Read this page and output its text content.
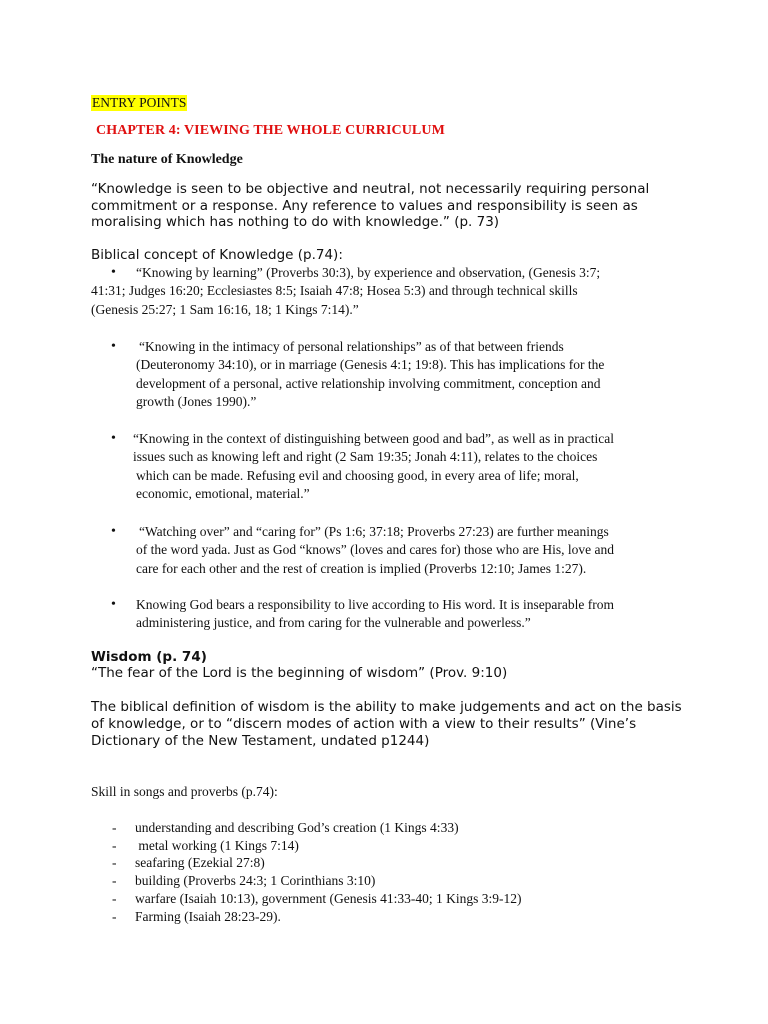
ENTRY POINTS
CHAPTER 4: VIEWING THE WHOLE CURRICULUM
The nature of Knowledge
“Knowledge is seen to be objective and neutral, not necessarily requiring personal commitment or a response. Any reference to values and responsibility is seen as moralising which has nothing to do with knowledge.” (p. 73)
Biblical concept of Knowledge (p.74):
•	“Knowing by learning” (Proverbs 30:3), by experience and observation, (Genesis 3:7;
41:31; Judges 16:20; Ecclesiastes 8:5; Isaiah 47:8; Hosea 5:3) and through technical skills
(Genesis 25:27; 1 Sam 16:16, 18; 1 Kings 7:14).”
•	“Knowing in the intimacy of personal relationships” as of that between friends
(Deuteronomy 34:10), or in marriage (Genesis 4:1; 19:8). This has implications for the
development of a personal, active relationship involving commitment, conception and
growth (Jones 1990).”
•	“Knowing in the context of distinguishing between good and bad”, as well as in practical
issues such as knowing left and right (2 Sam 19:35; Jonah 4:11), relates to the choices
which can be made. Refusing evil and choosing good, in every area of life; moral,
economic, emotional, material.”
•	“Watching over” and “caring for” (Ps 1:6; 37:18; Proverbs 27:23) are further meanings
of the word yada. Just as God “knows” (loves and cares for) those who are His, love and
care for each other and the rest of creation is implied (Proverbs 12:10; James 1:27).
•	Knowing God bears a responsibility to live according to His word. It is inseparable from
administering justice, and from caring for the vulnerable and powerless.”
Wisdom (p. 74)
“The fear of the Lord is the beginning of wisdom” (Prov. 9:10)
The biblical definition of wisdom is the ability to make judgements and act on the basis of knowledge, or to “discern modes of action with a view to their results” (Vine’s Dictionary of the New Testament, undated p1244)
Skill in songs and proverbs (p.74):
- understanding and describing God’s creation (1 Kings 4:33)
- metal working (1 Kings 7:14)
- seafaring (Ezekial 27:8)
- building (Proverbs 24:3; 1 Corinthians 3:10)
- warfare (Isaiah 10:13), government (Genesis 41:33-40; 1 Kings 3:9-12)
- Farming (Isaiah 28:23-29).
